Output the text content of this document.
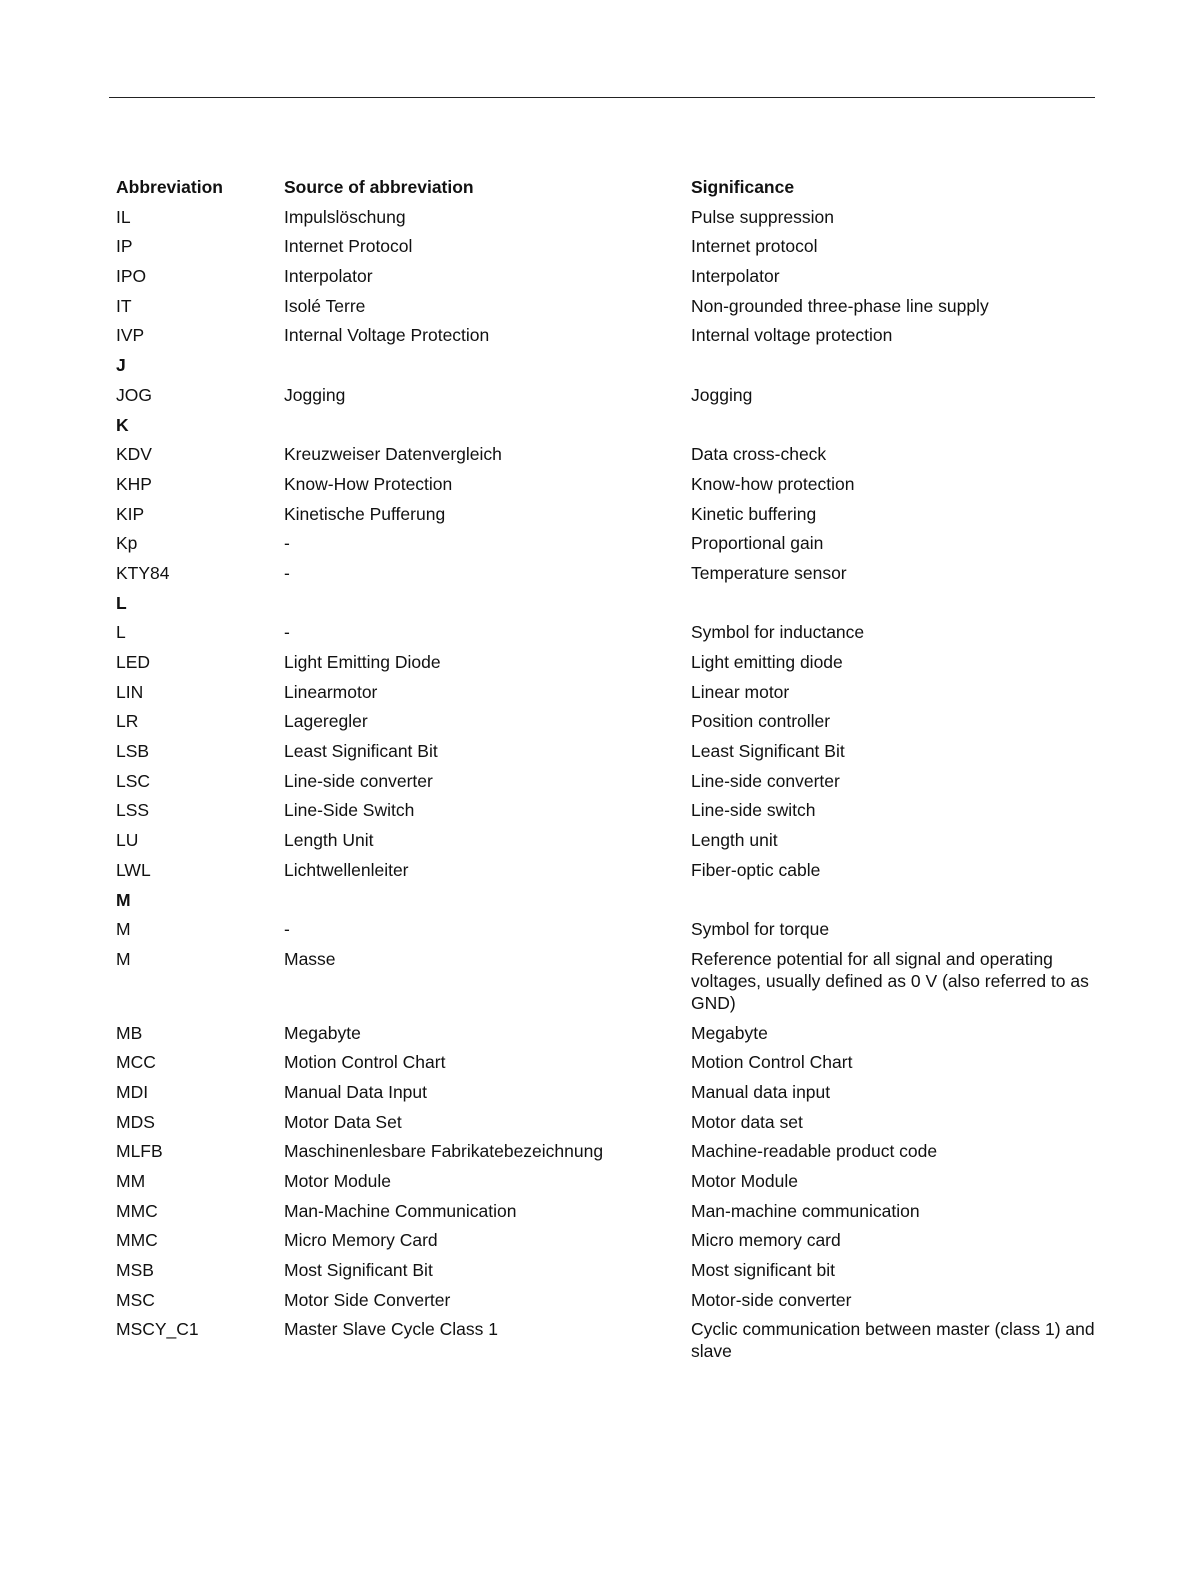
Abbreviation	Source of abbreviation	Significance
IL	Impulslöschung	Pulse suppression
IP	Internet Protocol	Internet protocol
IPO	Interpolator	Interpolator
IT	Isolé Terre	Non-grounded three-phase line supply
IVP	Internal Voltage Protection	Internal voltage protection
J		
JOG	Jogging	Jogging
K		
KDV	Kreuzweiser Datenvergleich	Data cross-check
KHP	Know-How Protection	Know-how protection
KIP	Kinetische Pufferung	Kinetic buffering
Kp	-	Proportional gain
KTY84	-	Temperature sensor
L		
L	-	Symbol for inductance
LED	Light Emitting Diode	Light emitting diode
LIN	Linearmotor	Linear motor
LR	Lageregler	Position controller
LSB	Least Significant Bit	Least Significant Bit
LSC	Line-side converter	Line-side converter
LSS	Line-Side Switch	Line-side switch
LU	Length Unit	Length unit
LWL	Lichtwellenleiter	Fiber-optic cable
M		
M	-	Symbol for torque
M	Masse	Reference potential for all signal and operating voltages, usually defined as 0 V (also referred to as GND)
MB	Megabyte	Megabyte
MCC	Motion Control Chart	Motion Control Chart
MDI	Manual Data Input	Manual data input
MDS	Motor Data Set	Motor data set
MLFB	Maschinenlesbare Fabrikatebezeichnung	Machine-readable product code
MM	Motor Module	Motor Module
MMC	Man-Machine Communication	Man-machine communication
MMC	Micro Memory Card	Micro memory card
MSB	Most Significant Bit	Most significant bit
MSC	Motor Side Converter	Motor-side converter
MSCY_C1	Master Slave Cycle Class 1	Cyclic communication between master (class 1) and slave
